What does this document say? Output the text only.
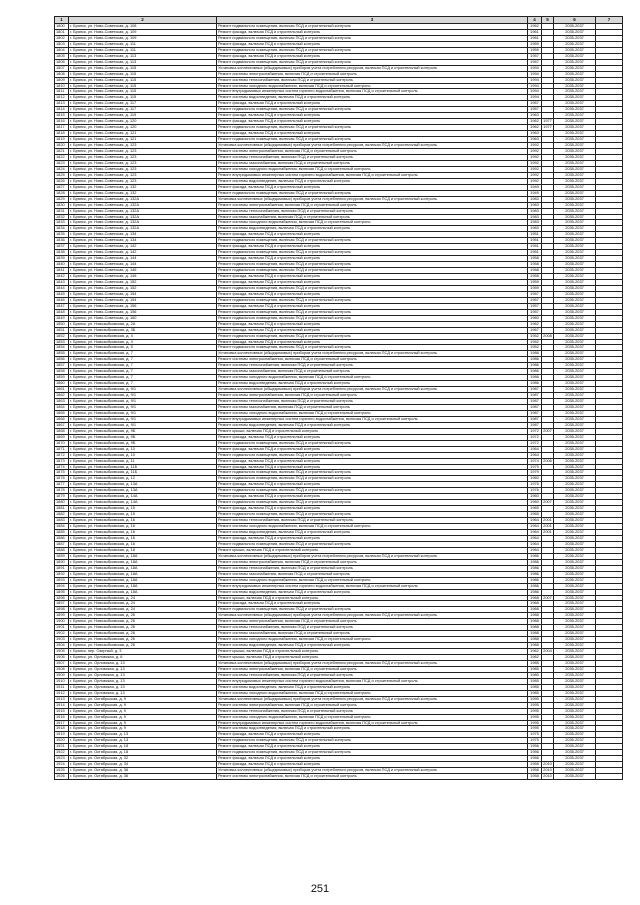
1	2	3	4	5	6	7
1800	г. Брянск, ул. Ново-Советская, д. 108	Ремонт подвального помещения, включая ПСД и строительный контроль	1962		2035-2037	
1801	г. Брянск, ул. Ново-Советская, д. 109	Ремонт фасада, включая ПСД и строительный контроль	1961		2035-2037	
1802	г. Брянск, ул. Ново-Советская, д. 109	Ремонт подвального помещения, включая ПСД и строительный контроль	1961		2035-2037	
1803	г. Брянск, ул. Ново-Советская, д. 111	Ремонт фасада, включая ПСД и строительный контроль	1959		2035-2037	
1804	г. Брянск, ул. Ново-Советская, д. 111	Ремонт подвального помещения, включая ПСД и строительный контроль	1959		2035-2037	
1805	г. Брянск, ул. Ново-Советская, д. 113	Ремонт фасада, включая ПСД и строительный контроль	1957		2035-2037	
1806	г. Брянск, ул. Ново-Советская, д. 113	Ремонт подвального помещения, включая ПСД и строительный контроль	1957		2035-2037	
1807	г. Брянск, ул. Ново-Советская, д. 115	Установка коллективных (общедомовых) приборов учета потребления ресурсов, включая ПСД и строительный контроль	1994		2035-2037	
1808	г. Брянск, ул. Ново-Советская, д. 115	Ремонт системы электроснабжения, включая ПСД и строительный контроль	1994		2035-2037	
1809	г. Брянск, ул. Ново-Советская, д. 115	Ремонт системы теплоснабжения, включая ПСД и строительный контроль	1994		2035-2037	
1810	г. Брянск, ул. Ново-Советская, д. 115	Ремонт системы холодного водоснабжения, включая ПСД и строительный контроль	1994		2035-2037	
1811	г. Брянск, ул. Ново-Советская, д. 115	Ремонт внутридомовых инженерных систем горячего водоснабжения, включая ПСД и строительный контроль	1994		2035-2037	
1812	г. Брянск, ул. Ново-Советская, д. 115	Ремонт системы водоотведения, включая ПСД и строительный контроль	1994		2035-2037	
1813	г. Брянск, ул. Ново-Советская, д. 117	Ремонт фасада, включая ПСД и строительный контроль	1957		2035-2037	
1814	г. Брянск, ул. Ново-Советская, д. 117	Ремонт подвального помещения, включая ПСД и строительный контроль	1957		2035-2037	
1815	г. Брянск, ул. Ново-Советская, д. 119	Ремонт фасада, включая ПСД и строительный контроль	1963		2035-2037	
1816	г. Брянск, ул. Ново-Советская, д. 120	Ремонт фасада, включая ПСД и строительный контроль	1962	1977	2035-2037	
1817	г. Брянск, ул. Ново-Советская, д. 120	Ремонт подвального помещения, включая ПСД и строительный контроль	1962	1977	2035-2037	
1818	г. Брянск, ул. Ново-Советская, д. 121	Ремонт фасада, включая ПСД и строительный контроль	1963		2035-2037	
1819	г. Брянск, ул. Ново-Советская, д. 121	Ремонт подвального помещения, включая ПСД и строительный контроль	1963		2035-2037	
1820	г. Брянск, ул. Ново-Советская, д. 123	Установка коллективных (общедомовых) приборов учета потребления ресурсов, включая ПСД и строительный контроль	1992		2035-2037	
1821	г. Брянск, ул. Ново-Советская, д. 123	Ремонт системы электроснабжения, включая ПСД и строительный контроль	1992		2035-2037	
1822	г. Брянск, ул. Ново-Советская, д. 123	Ремонт системы теплоснабжения, включая ПСД и строительный контроль	1992		2035-2037	
1823	г. Брянск, ул. Ново-Советская, д. 123	Ремонт системы газоснабжения, включая ПСД и строительный контроль	1992		2035-2037	
1824	г. Брянск, ул. Ново-Советская, д. 123	Ремонт системы холодного водоснабжения, включая ПСД и строительный контроль	1992		2035-2037	
1825	г. Брянск, ул. Ново-Советская, д. 123	Ремонт внутридомовых инженерных систем горячего водоснабжения, включая ПСД и строительный контроль	1992		2035-2037	
1826	г. Брянск, ул. Ново-Советская, д. 123	Ремонт системы водоотведения, включая ПСД и строительный контроль	1992		2035-2037	
1827	г. Брянск, ул. Ново-Советская, д. 132	Ремонт фасада, включая ПСД и строительный контроль	1949		2035-2037	
1828	г. Брянск, ул. Ново-Советская, д. 132	Ремонт подвального помещения, включая ПСД и строительный контроль	1949		2035-2037	
1829	г. Брянск, ул. Ново-Советская, д. 132А	Установка коллективных (общедомовых) приборов учета потребления ресурсов, включая ПСД и строительный контроль	1983		2035-2037	
1830	г. Брянск, ул. Ново-Советская, д. 132А	Ремонт системы электроснабжения, включая ПСД и строительный контроль	1983		2035-2037	
1831	г. Брянск, ул. Ново-Советская, д. 132А	Ремонт системы теплоснабжения, включая ПСД и строительный контроль	1983		2035-2037	
1832	г. Брянск, ул. Ново-Советская, д. 132А	Ремонт системы газоснабжения, включая ПСД и строительный контроль	1983		2035-2037	
1833	г. Брянск, ул. Ново-Советская, д. 132А	Ремонт системы холодного водоснабжения, включая ПСД и строительный контроль	1983		2035-2037	
1834	г. Брянск, ул. Ново-Советская, д. 132А	Ремонт системы водоотведения, включая ПСД и строительный контроль	1983		2035-2037	
1835	г. Брянск, ул. Ново-Советская, д. 134	Ремонт фасада, включая ПСД и строительный контроль	1951		2035-2037	
1836	г. Брянск, ул. Ново-Советская, д. 134	Ремонт подвального помещения, включая ПСД и строительный контроль	1951		2035-2037	
1837	г. Брянск, ул. Ново-Советская, д. 142	Ремонт фасада, включая ПСД и строительный контроль	1951		2035-2037	
1838	г. Брянск, ул. Ново-Советская, д. 142	Ремонт подвального помещения, включая ПСД и строительный контроль	1951		2035-2037	
1839	г. Брянск, ул. Ново-Советская, д. 144	Ремонт фасада, включая ПСД и строительный контроль	1958		2035-2037	
1840	г. Брянск, ул. Ново-Советская, д. 144	Ремонт подвального помещения, включая ПСД и строительный контроль	1958		2035-2037	
1841	г. Брянск, ул. Ново-Советская, д. 146	Ремонт подвального помещения, включая ПСД и строительный контроль	1958		2035-2037	
1842	г. Брянск, ул. Ново-Советская, д. 146	Ремонт фасада, включая ПСД и строительный контроль	1958		2035-2037	
1843	г. Брянск, ул. Ново-Советская, д. 152	Ремонт фасада, включая ПСД и строительный контроль	1959		2035-2037	
1844	г. Брянск, ул. Ново-Советская, д. 152	Ремонт подвального помещения, включая ПСД и строительный контроль	1959		2035-2037	
1845	г. Брянск, ул. Ново-Советская, д. 154	Ремонт фасада, включая ПСД и строительный контроль	1957		2035-2037	
1846	г. Брянск, ул. Ново-Советская, д. 154	Ремонт подвального помещения, включая ПСД и строительный контроль	1957		2035-2037	
1847	г. Брянск, ул. Ново-Советская, д. 156	Ремонт фасада, включая ПСД и строительный контроль	1957		2035-2037	
1848	г. Брянск, ул. Ново-Советская, д. 156	Ремонт подвального помещения, включая ПСД и строительный контроль	1957		2035-2037	
1849	г. Брянск, ул. Ново-Советская, д. 160	Ремонт подвального помещения, включая ПСД и строительный контроль	1960		2035-2037	
1850	г. Брянск, ул. Новозыбковская, д. 2А	Ремонт фасада, включая ПСД и строительный контроль	1962		2035-2037	
1851	г. Брянск, ул. Новозыбковская, д. 3Б	Ремонт фасада, включая ПСД и строительный контроль	1967		2035-2037	
1852	г. Брянск, ул. Новозыбковская, д. 4	Ремонт подвального помещения, включая ПСД и строительный контроль	1952	2008	2035-2037	
1853	г. Брянск, ул. Новозыбковская, д. 4	Ремонт фасада, включая ПСД и строительный контроль	1952		2035-2037	
1854	г. Брянск, ул. Новозыбковская, д. 5	Ремонт подвального помещения, включая ПСД и строительный контроль	1952		2035-2037	
1855	г. Брянск, ул. Новозыбковская, д. 7	Установка коллективных (общедомовых) приборов учета потребления ресурсов, включая ПСД и строительный контроль	1986		2035-2037	
1856	г. Брянск, ул. Новозыбковская, д. 7	Ремонт системы электроснабжения, включая ПСД и строительный контроль	1986		2035-2037	
1857	г. Брянск, ул. Новозыбковская, д. 7	Ремонт системы теплоснабжения, включая ПСД и строительный контроль	1986		2035-2037	
1858	г. Брянск, ул. Новозыбковская, д. 7	Ремонт системы газоснабжения, включая ПСД и строительный контроль	1986		2035-2037	
1859	г. Брянск, ул. Новозыбковская, д. 7	Ремонт системы холодного водоснабжения, включая ПСД и строительный контроль	1986		2035-2037	
1860	г. Брянск, ул. Новозыбковская, д. 7	Ремонт системы водоотведения, включая ПСД и строительный контроль	1986		2035-2037	
1861	г. Брянск, ул. Новозыбковская, д. 9/1	Установка коллективных (общедомовых) приборов учета потребления ресурсов, включая ПСД и строительный контроль	1987		2035-2037	
1862	г. Брянск, ул. Новозыбковская, д. 9/1	Ремонт системы электроснабжения, включая ПСД и строительный контроль	1987		2035-2037	
1863	г. Брянск, ул. Новозыбковская, д. 9/1	Ремонт системы теплоснабжения, включая ПСД и строительный контроль	1987		2035-2037	
1864	г. Брянск, ул. Новозыбковская, д. 9/1	Ремонт системы газоснабжения, включая ПСД и строительный контроль	1987		2035-2037	
1865	г. Брянск, ул. Новозыбковская, д. 9/1	Ремонт системы холодного водоснабжения, включая ПСД и строительный контроль	1987		2035-2037	
1866	г. Брянск, ул. Новозыбковская, д. 9/1	Ремонт внутридомовых инженерных систем горячего водоснабжения, включая ПСД и строительный контроль	1987		2035-2037	
1867	г. Брянск, ул. Новозыбковская, д. 9/1	Ремонт системы водоотведения, включая ПСД и строительный контроль	1987		2035-2037	
1868	г. Брянск, ул. Новозыбковская, д. 9Б	Ремонт крыши, включая ПСД и строительный контроль	1972	2007	2035-2037	
1869	г. Брянск, ул. Новозыбковская, д. 9Б	Ремонт фасада, включая ПСД и строительный контроль	1972		2035-2037	
1870	г. Брянск, ул. Новозыбковская, д. 9Б	Ремонт подвального помещения, включая ПСД и строительный контроль	1972		2035-2037	
1871	г. Брянск, ул. Новозыбковская, д. 10	Ремонт фасада, включая ПСД и строительный контроль	1964		2035-2037	
1872	г. Брянск, ул. Новозыбковская, д. 10	Ремонт подвального помещения, включая ПСД и строительный контроль	1964		2035-2037	
1873	г. Брянск, ул. Новозыбковская, д. 11	Ремонт фасада, включая ПСД и строительный контроль	1974	2006	2035-2037	
1874	г. Брянск, ул. Новозыбковская, д. 11Б	Ремонт фасада, включая ПСД и строительный контроль	1979		2035-2037	
1875	г. Брянск, ул. Новозыбковская, д. 11Б	Ремонт подвального помещения, включая ПСД и строительный контроль	1979		2035-2037	
1876	г. Брянск, ул. Новозыбковская, д. 12	Ремонт подвального помещения, включая ПСД и строительный контроль	1960		2035-2037	
1877	г. Брянск, ул. Новозыбковская, д. 13А	Ремонт фасада, включая ПСД и строительный контроль	1976		2035-2037	
1878	г. Брянск, ул. Новозыбковская, д. 13А	Ремонт подвального помещения, включая ПСД и строительный контроль	1976		2035-2037	
1879	г. Брянск, ул. Новозыбковская, д. 14А	Ремонт фасада, включая ПСД и строительный контроль	1960		2035-2037	
1880	г. Брянск, ул. Новозыбковская, д. 14А	Ремонт подвального помещения, включая ПСД и строительный контроль	1960	2007	2035-2037	
1881	г. Брянск, ул. Новозыбковская, д. 15	Ремонт фасада, включая ПСД и строительный контроль	1965		2035-2037	
1882	г. Брянск, ул. Новозыбковская, д. 15	Ремонт подвального помещения, включая ПСД и строительный контроль	1965		2035-2037	
1883	г. Брянск, ул. Новозыбковская, д. 16	Ремонт системы теплоснабжения, включая ПСД и строительный контроль	1964	2001	2035-2037	
1884	г. Брянск, ул. Новозыбковская, д. 16	Ремонт системы холодного водоснабжения, включая ПСД и строительный контроль	1964	2001	2035-2037	
1885	г. Брянск, ул. Новозыбковская, д. 16	Ремонт системы водоотведения, включая ПСД и строительный контроль	1964	2001	2035-2037	
1886	г. Брянск, ул. Новозыбковская, д. 16	Ремонт фасада, включая ПСД и строительный контроль	1964		2035-2037	
1887	г. Брянск, ул. Новозыбковская, д. 16	Ремонт подвального помещения, включая ПСД и строительный контроль	1964		2035-2037	
1888	г. Брянск, ул. Новозыбковская, д. 18	Ремонт крыши, включая ПСД и строительный контроль	1964		2035-2037	
1889	г. Брянск, ул. Новозыбковская, д. 18А	Установка коллективных (общедомовых) приборов учета потребления ресурсов, включая ПСД и строительный контроль	1986		2035-2037	
1890	г. Брянск, ул. Новозыбковская, д. 18А	Ремонт системы электроснабжения, включая ПСД и строительный контроль	1986		2035-2037	
1891	г. Брянск, ул. Новозыбковская, д. 18А	Ремонт системы теплоснабжения, включая ПСД и строительный контроль	1986		2035-2037	
1892	г. Брянск, ул. Новозыбковская, д. 18А	Ремонт системы газоснабжения, включая ПСД и строительный контроль	1986		2035-2037	
1893	г. Брянск, ул. Новозыбковская, д. 18А	Ремонт системы холодного водоснабжения, включая ПСД и строительный контроль	1986		2035-2037	
1894	г. Брянск, ул. Новозыбковская, д. 18А	Ремонт внутридомовых инженерных систем горячего водоснабжения, включая ПСД и строительный контроль	1986		2035-2037	
1895	г. Брянск, ул. Новозыбковская, д. 18А	Ремонт системы водоотведения, включая ПСД и строительный контроль	1986		2035-2037	
1896	г. Брянск, ул. Новозыбковская, д. 24	Ремонт крыши, включая ПСД и строительный контроль	1968	2007	2035-2037	
1897	г. Брянск, ул. Новозыбковская, д. 24	Ремонт фасада, включая ПСД и строительный контроль	1968		2035-2037	
1898	г. Брянск, ул. Новозыбковская, д. 24	Ремонт подвального помещения, включая ПСД и строительный контроль	1968		2035-2037	
1899	г. Брянск, ул. Новозыбковская, д. 26	Установка коллективных (общедомовых) приборов учета потребления ресурсов, включая ПСД и строительный контроль	1988		2035-2037	
1900	г. Брянск, ул. Новозыбковская, д. 26	Ремонт системы электроснабжения, включая ПСД и строительный контроль	1988		2035-2037	
1901	г. Брянск, ул. Новозыбковская, д. 26	Ремонт системы теплоснабжения, включая ПСД и строительный контроль	1988		2035-2037	
1902	г. Брянск, ул. Новозыбковская, д. 26	Ремонт системы газоснабжения, включая ПСД и строительный контроль	1988		2035-2037	
1903	г. Брянск, ул. Новозыбковская, д. 26	Ремонт системы холодного водоснабжения, включая ПСД и строительный контроль	1988		2035-2037	
1904	г. Брянск, ул. Новозыбковская, д. 26	Ремонт системы водоотведения, включая ПСД и строительный контроль	1988		2035-2037	
1905	г. Брянск, пер. Озерный, д. 3	Ремонт крыши, включая ПСД и строительный контроль	1962	2004	2035-2037	
1906	г. Брянск, ул. Орловская, д. 6	Ремонт крыши, включая ПСД и строительный контроль	1962		2035-2037	
1907	г. Брянск, ул. Орловская, д. 13	Установка коллективных (общедомовых) приборов учета потребления ресурсов, включая ПСД и строительный контроль	1985		2035-2037	
1908	г. Брянск, ул. Орловская, д. 13	Ремонт системы электроснабжения, включая ПСД и строительный контроль	1985		2035-2037	
1909	г. Брянск, ул. Орловская, д. 13	Ремонт системы теплоснабжения, включая ПСД и строительный контроль	1985		2035-2037	
1910	г. Брянск, ул. Орловская, д. 13	Ремонт внутридомовых инженерных систем горячего водоснабжения, включая ПСД и строительный контроль	1985		2035-2037	
1911	г. Брянск, ул. Орловская, д. 13	Ремонт системы водоотведения, включая ПСД и строительный контроль	1985		2035-2037	
1912	г. Брянск, ул. Орловская, д. 13	Ремонт системы холодного водоснабжения, включая ПСД и строительный контроль	1985		2035-2037	
1913	г. Брянск, ул. Октябрьская, д. 9	Установка коллективных (общедомовых) приборов учета потребления ресурсов, включая ПСД и строительный контроль	1995		2035-2037	
1914	г. Брянск, ул. Октябрьская, д. 9	Ремонт системы электроснабжения, включая ПСД и строительный контроль	1995		2035-2037	
1915	г. Брянск, ул. Октябрьская, д. 9	Ремонт системы теплоснабжения, включая ПСД и строительный контроль	1995		2035-2037	
1916	г. Брянск, ул. Октябрьская, д. 9	Ремонт системы холодного водоснабжения, включая ПСД и строительный контроль	1995		2035-2037	
1917	г. Брянск, ул. Октябрьская, д. 9	Ремонт внутридомовых инженерных систем горячего водоснабжения, включая ПСД и строительный контроль	1995		2035-2037	
1918	г. Брянск, ул. Октябрьская, д. 9	Ремонт системы водоотведения, включая ПСД и строительный контроль	1995		2035-2037	
1919	г. Брянск, ул. Октябрьская, д. 13	Ремонт фасада, включая ПСД и строительный контроль	1975		2035-2037	
1920	г. Брянск, ул. Октябрьская, д. 13	Ремонт подвального помещения, включая ПСД и строительный контроль	1975		2035-2037	
1921	г. Брянск, ул. Октябрьская, д. 18	Ремонт фасада, включая ПСД и строительный контроль	1956		2035-2037	
1922	г. Брянск, ул. Октябрьская, д. 18	Ремонт подвального помещения, включая ПСД и строительный контроль	1956		2035-2037	
1923	г. Брянск, ул. Октябрьская, д. 32	Ремонт фасада, включая ПСД и строительный контроль	1956		2035-2037	
1924	г. Брянск, ул. Октябрьская, д. 34	Ремонт фасада, включая ПСД и строительный контроль	1958	2010	2035-2037	
1925	г. Брянск, ул. Октябрьская, д. 36	Установка коллективных (общедомовых) приборов учета потребления ресурсов, включая ПСД и строительный контроль	1958	2010	2035-2037	
1926	г. Брянск, ул. Октябрьская, д. 36	Ремонт системы электроснабжения, включая ПСД и строительный контроль	1958	2010	2035-2037	
251
